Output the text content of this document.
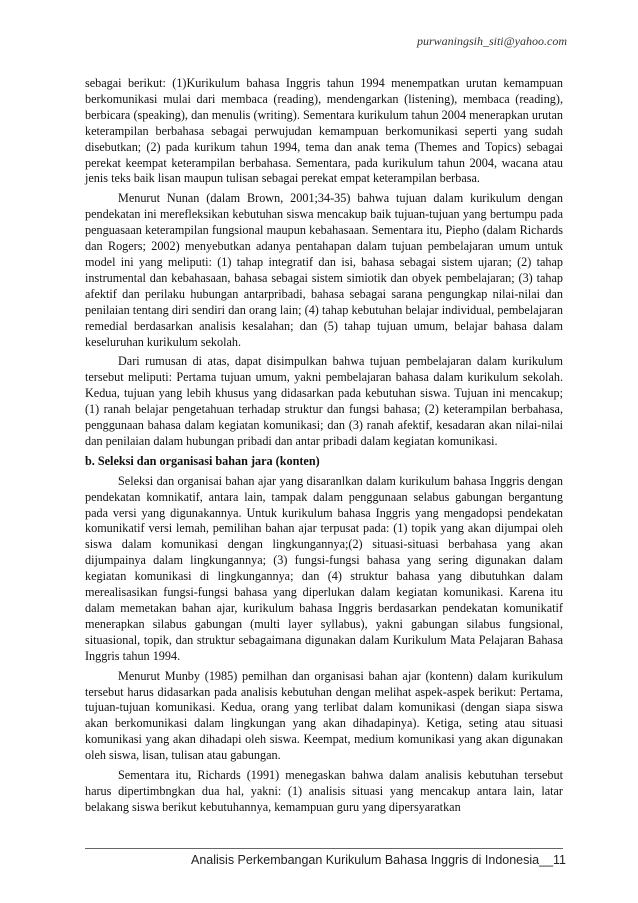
purwaningsih_siti@yahoo.com

sebagai berikut: (1)Kurikulum bahasa Inggris tahun 1994 menempatkan urutan kemampuan berkomunikasi mulai dari membaca (reading), mendengarkan (listening), membaca (reading), berbicara (speaking), dan menulis (writing). Sementara kurikulum tahun 2004 menerapkan urutan keterampilan berbahasa sebagai perwujudan kemampuan berkomunikasi seperti yang sudah disebutkan; (2) pada kurikum tahun 1994, tema dan anak tema (Themes and Topics) sebagai perekat keempat keterampilan berbahasa. Sementara, pada kurikulum tahun 2004, wacana atau jenis teks baik lisan maupun tulisan sebagai perekat empat keterampilan berbasa.

Menurut Nunan (dalam Brown, 2001;34-35) bahwa tujuan dalam kurikulum dengan pendekatan ini merefleksikan kebutuhan siswa mencakup baik tujuan-tujuan yang bertumpu pada penguasaan keterampilan fungsional maupun kebahasaan. Sementara itu, Piepho (dalam Richards dan Rogers; 2002) menyebutkan adanya pentahapan dalam tujuan pembelajaran umum untuk model ini yang meliputi: (1) tahap integratif dan isi, bahasa sebagai sistem ujaran; (2) tahap instrumental dan kebahasaan, bahasa sebagai sistem simiotik dan obyek pembelajaran; (3) tahap afektif dan perilaku hubungan antarpribadi, bahasa sebagai sarana pengungkap nilai-nilai dan penilaian tentang diri sendiri dan orang lain; (4) tahap kebutuhan belajar individual, pembelajaran remedial berdasarkan analisis kesalahan; dan (5) tahap tujuan umum, belajar bahasa dalam keseluruhan kurikulum sekolah.

Dari rumusan di atas, dapat disimpulkan bahwa tujuan pembelajaran dalam kurikulum tersebut meliputi: Pertama tujuan umum, yakni pembelajaran bahasa dalam kurikulum sekolah. Kedua, tujuan yang lebih khusus yang didasarkan pada kebutuhan siswa. Tujuan ini mencakup; (1) ranah belajar pengetahuan terhadap struktur dan fungsi bahasa; (2) keterampilan berbahasa, penggunaan bahasa dalam kegiatan komunikasi; dan (3) ranah afektif, kesadaran akan nilai-nilai dan penilaian dalam hubungan pribadi dan antar pribadi dalam kegiatan komunikasi.

b. Seleksi dan organisasi bahan jara (konten)

Seleksi dan organisai bahan ajar yang disaranlkan dalam kurikulum bahasa Inggris dengan pendekatan komnikatif, antara lain, tampak dalam penggunaan selabus gabungan bergantung pada versi yang digunakannya. Untuk kurikulum bahasa Inggris yang mengadopsi pendekatan komunikatif versi lemah, pemilihan bahan ajar terpusat pada: (1) topik yang akan dijumpai oleh siswa dalam komunikasi dengan lingkungannya;(2) situasi-situasi berbahasa yang akan dijumpainya dalam lingkungannya; (3) fungsi-fungsi bahasa yang sering digunakan dalam kegiatan komunikasi di lingkungannya; dan (4) struktur bahasa yang dibutuhkan dalam merealisasikan fungsi-fungsi bahasa yang diperlukan dalam kegiatan komunikasi. Karena itu dalam memetakan bahan ajar, kurikulum bahasa Inggris berdasarkan pendekatan komunikatif menerapkan silabus gabungan (multi layer syllabus), yakni gabungan silabus fungsional, situasional, topik, dan struktur sebagaimana digunakan dalam Kurikulum Mata Pelajaran Bahasa Inggris tahun 1994.

Menurut Munby (1985) pemilhan dan organisasi bahan ajar (kontenn) dalam kurikulum tersebut harus didasarkan pada analisis kebutuhan dengan melihat aspek-aspek berikut: Pertama, tujuan-tujuan komunikasi. Kedua, orang yang terlibat dalam komunikasi (dengan siapa siswa akan berkomunikasi dalam lingkungan yang akan dihadapinya). Ketiga, seting atau situasi komunikasi yang akan dihadapi oleh siswa. Keempat, medium komunikasi yang akan digunakan oleh siswa, lisan, tulisan atau gabungan.

Sementara itu, Richards (1991) menegaskan bahwa dalam analisis kebutuhan tersebut harus dipertimbngkan dua hal, yakni: (1) analisis situasi yang mencakup antara lain, latar belakang siswa berikut kebutuhannya, kemampuan guru yang dipersyaratkan

Analisis Perkembangan Kurikulum Bahasa Inggris di Indonesia__11
